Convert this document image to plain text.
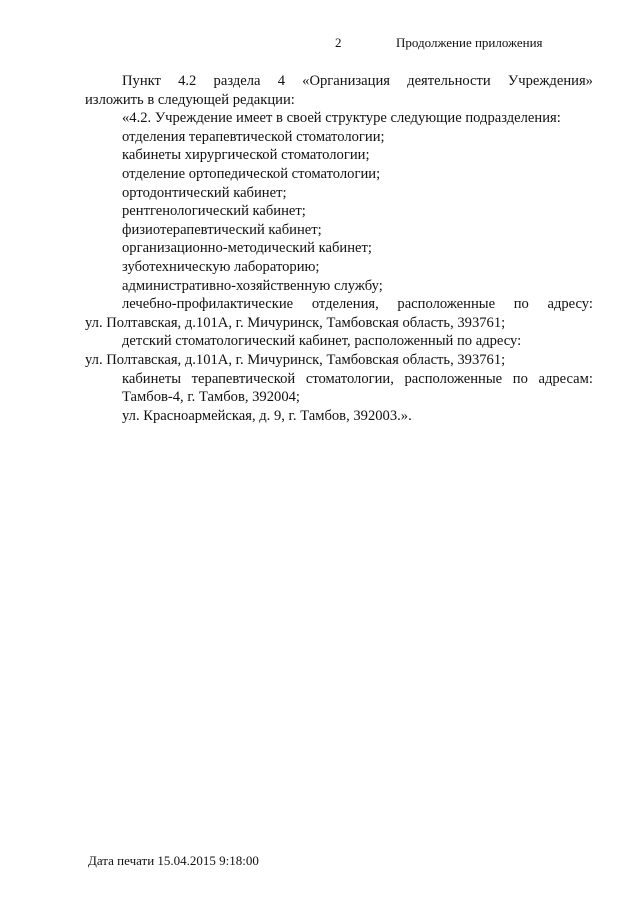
2	Продолжение приложения
Пункт 4.2 раздела 4 «Организация деятельности Учреждения»
изложить в следующей редакции:
«4.2. Учреждение имеет в своей структуре следующие подразделения:
отделения терапевтической стоматологии;
кабинеты хирургической стоматологии;
отделение ортопедической стоматологии;
ортодонтический кабинет;
рентгенологический кабинет;
физиотерапевтический кабинет;
организационно-методический кабинет;
зуботехническую лабораторию;
административно-хозяйственную службу;
лечебно-профилактические отделения, расположенные по адресу:
ул. Полтавская, д.101А, г. Мичуринск, Тамбовская область, 393761;
детский стоматологический кабинет, расположенный по адресу:
ул. Полтавская, д.101А, г. Мичуринск, Тамбовская область, 393761;
кабинеты терапевтической стоматологии, расположенные по адресам:
Тамбов-4, г. Тамбов, 392004;
ул. Красноармейская, д. 9, г. Тамбов, 392003.».
Дата печати 15.04.2015 9:18:00
